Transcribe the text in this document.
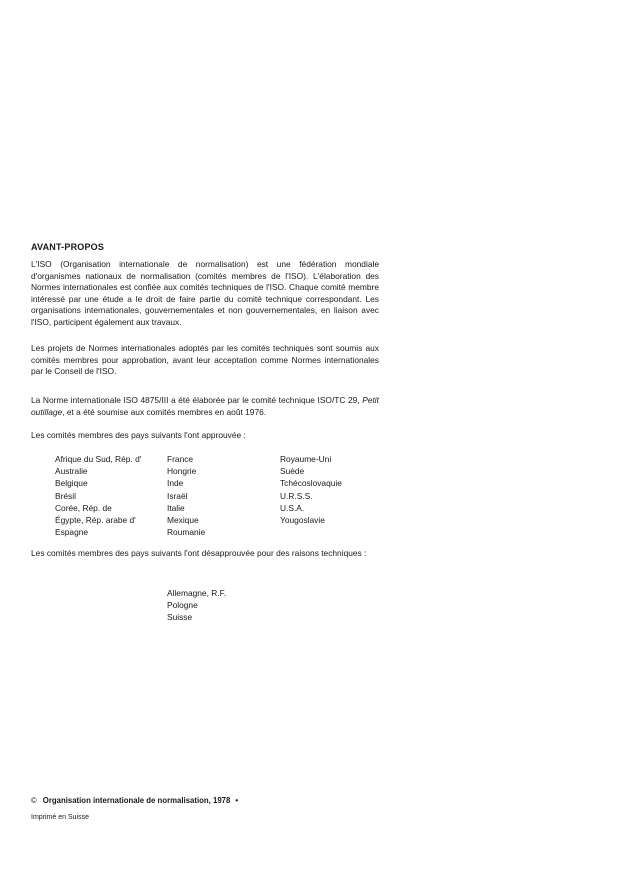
AVANT-PROPOS

L'ISO (Organisation internationale de normalisation) est une fédération mondiale d'organismes nationaux de normalisation (comités membres de l'ISO). L'élaboration des Normes internationales est confiée aux comités techniques de l'ISO. Chaque comité membre intéressé par une étude a le droit de faire partie du comité technique correspondant. Les organisations internationales, gouvernementales et non gouvernementales, en liaison avec l'ISO, participent également aux travaux.

Les projets de Normes internationales adoptés par les comités techniques sont soumis aux comités membres pour approbation, avant leur acceptation comme Normes internationales par le Conseil de l'ISO.

La Norme internationale ISO 4875/III a été élaborée par le comité technique ISO/TC 29, Petit outillage, et a été soumise aux comités membres en août 1976.

Les comités membres des pays suivants l'ont approuvée :

Afrique du Sud, Rép. d'
Australie
Belgique
Brésil
Corée, Rép. de
Égypte, Rép. arabe d'
Espagne
France
Hongrie
Inde
Israël
Italie
Mexique
Roumanie
Royaume-Uni
Suède
Tchécoslovaquie
U.R.S.S.
U.S.A.
Yougoslavie

Les comités membres des pays suivants l'ont désapprouvée pour des raisons techniques :

Allemagne, R.F.
Pologne
Suisse
© Organisation internationale de normalisation, 1978 •
Imprimé en Suisse
